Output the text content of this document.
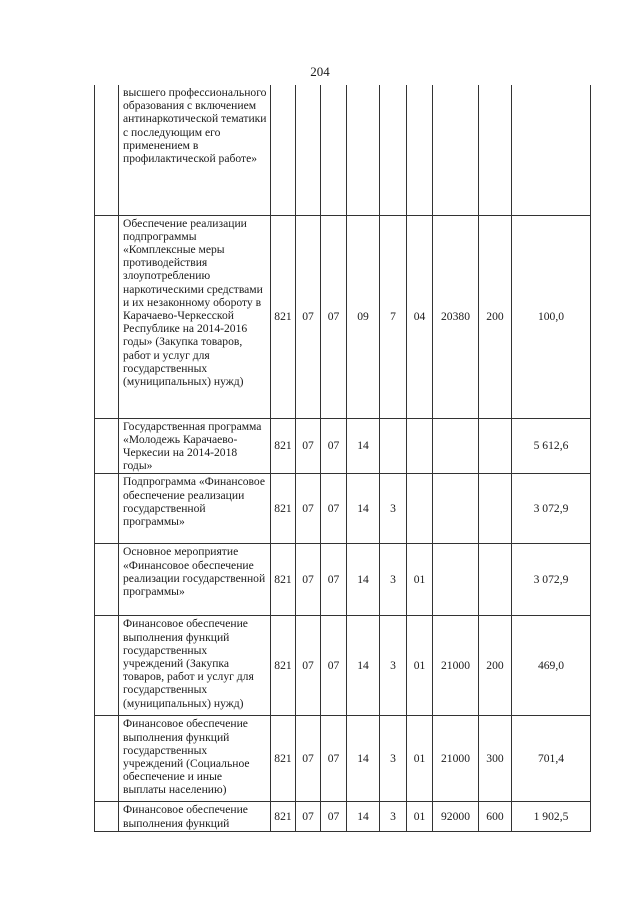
204
	высшего профессионального образования с включением антинаркотической тематики с последующим его применением в профилактической работе»									
	Обеспечение реализации подпрограммы «Комплексные меры противодействия злоупотреблению наркотическими средствами и их незаконному обороту в Карачаево-Черкесской Республике на 2014-2016 годы» (Закупка товаров, работ и услуг для государственных (муниципальных) нужд)	821	07	07	09	7	04	20380	200	100,0
	Государственная программа «Молодежь Карачаево-Черкесии на 2014-2018 годы»	821	07	07	14					5 612,6
	Подпрограмма «Финансовое обеспечение реализации государственной программы»	821	07	07	14	3				3 072,9
	Основное мероприятие «Финансовое обеспечение реализации государственной программы»	821	07	07	14	3	01			3 072,9
	Финансовое обеспечение выполнения функций государственных учреждений (Закупка товаров, работ и услуг для государственных (муниципальных) нужд)	821	07	07	14	3	01	21000	200	469,0
	Финансовое обеспечение выполнения функций государственных учреждений (Социальное обеспечение и иные выплаты населению)	821	07	07	14	3	01	21000	300	701,4
	Финансовое обеспечение выполнения функций	821	07	07	14	3	01	92000	600	1 902,5
